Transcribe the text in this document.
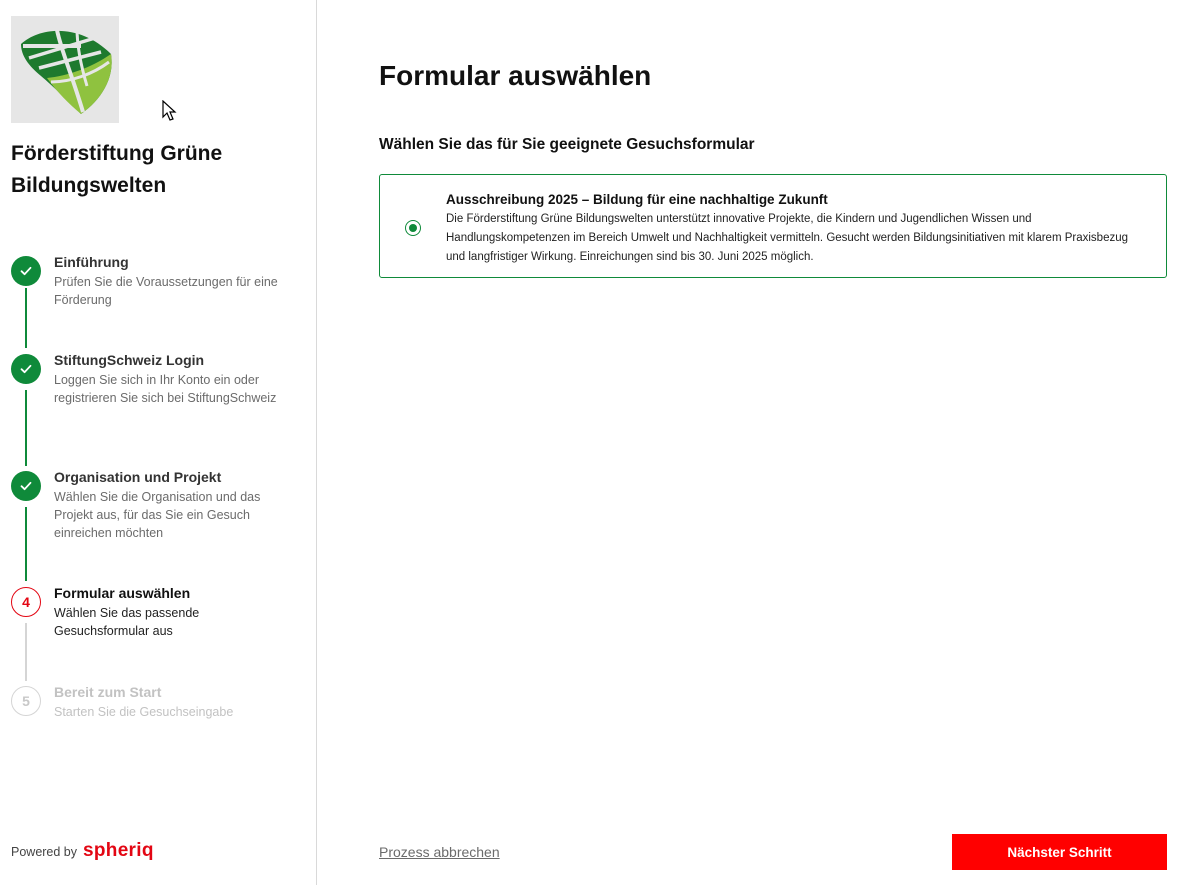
Förderstiftung Grüne Bildungswelten
Einführung
Prüfen Sie die Voraussetzungen für eine Förderung
StiftungSchweiz Login
Loggen Sie sich in Ihr Konto ein oder registrieren Sie sich bei StiftungSchweiz
Organisation und Projekt
Wählen Sie die Organisation und das Projekt aus, für das Sie ein Gesuch einreichen möchten
4
Formular auswählen
Wählen Sie das passende Gesuchsformular aus
5
Bereit zum Start
Starten Sie die Gesuchseingabe
Powered by spheriq
Formular auswählen
Wählen Sie das für Sie geeignete Gesuchsformular
Ausschreibung 2025 – Bildung für eine nachhaltige Zukunft
Die Förderstiftung Grüne Bildungswelten unterstützt innovative Projekte, die Kindern und Jugendlichen Wissen und Handlungskompetenzen im Bereich Umwelt und Nachhaltigkeit vermitteln. Gesucht werden Bildungsinitiativen mit klarem Praxisbezug und langfristiger Wirkung. Einreichungen sind bis 30. Juni 2025 möglich.
Prozess abbrechen	Nächster Schritt
